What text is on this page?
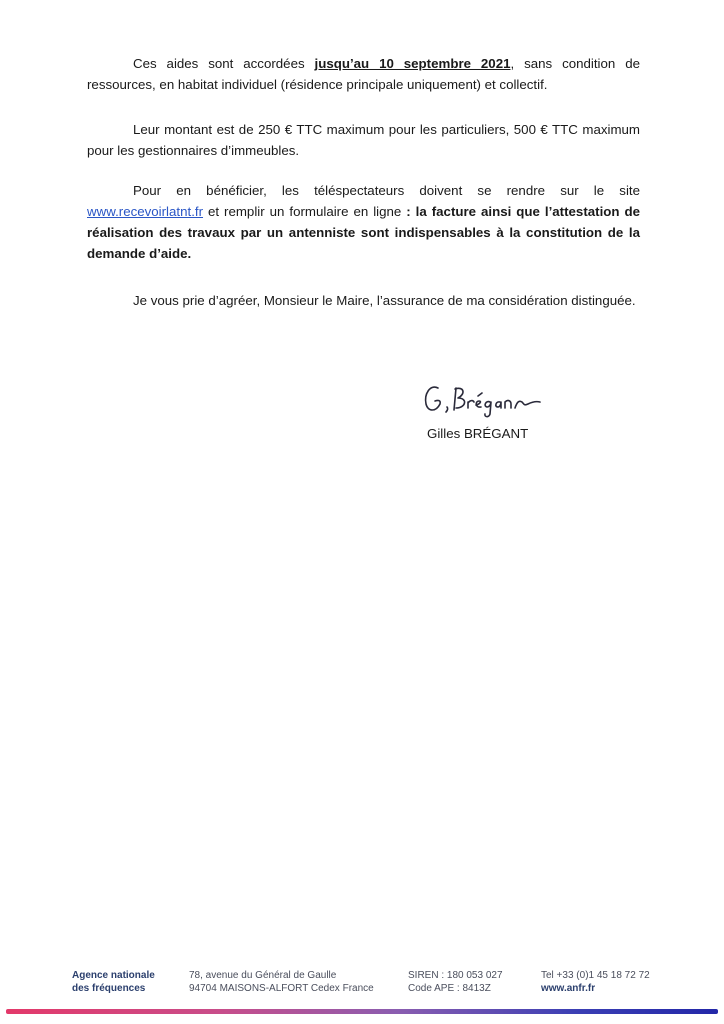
Ces aides sont accordées jusqu’au 10 septembre 2021, sans condition de ressources, en habitat individuel (résidence principale uniquement) et collectif.

Leur montant est de 250 € TTC maximum pour les particuliers, 500 € TTC maximum pour les gestionnaires d’immeubles.

Pour en bénéficier, les téléspectateurs doivent se rendre sur le site www.recevoirlatnt.fr et remplir un formulaire en ligne : la facture ainsi que l’attestation de réalisation des travaux par un antenniste sont indispensables à la constitution de la demande d’aide.

Je vous prie d’agréer, Monsieur le Maire, l’assurance de ma considération distinguée.

Gilles BRÉGANT

Agence nationale
des fréquences
78, avenue du Général de Gaulle
94704 MAISONS-ALFORT Cedex France
SIREN : 180 053 027
Code APE : 8413Z
Tel +33 (0)1 45 18 72 72
www.anfr.fr
